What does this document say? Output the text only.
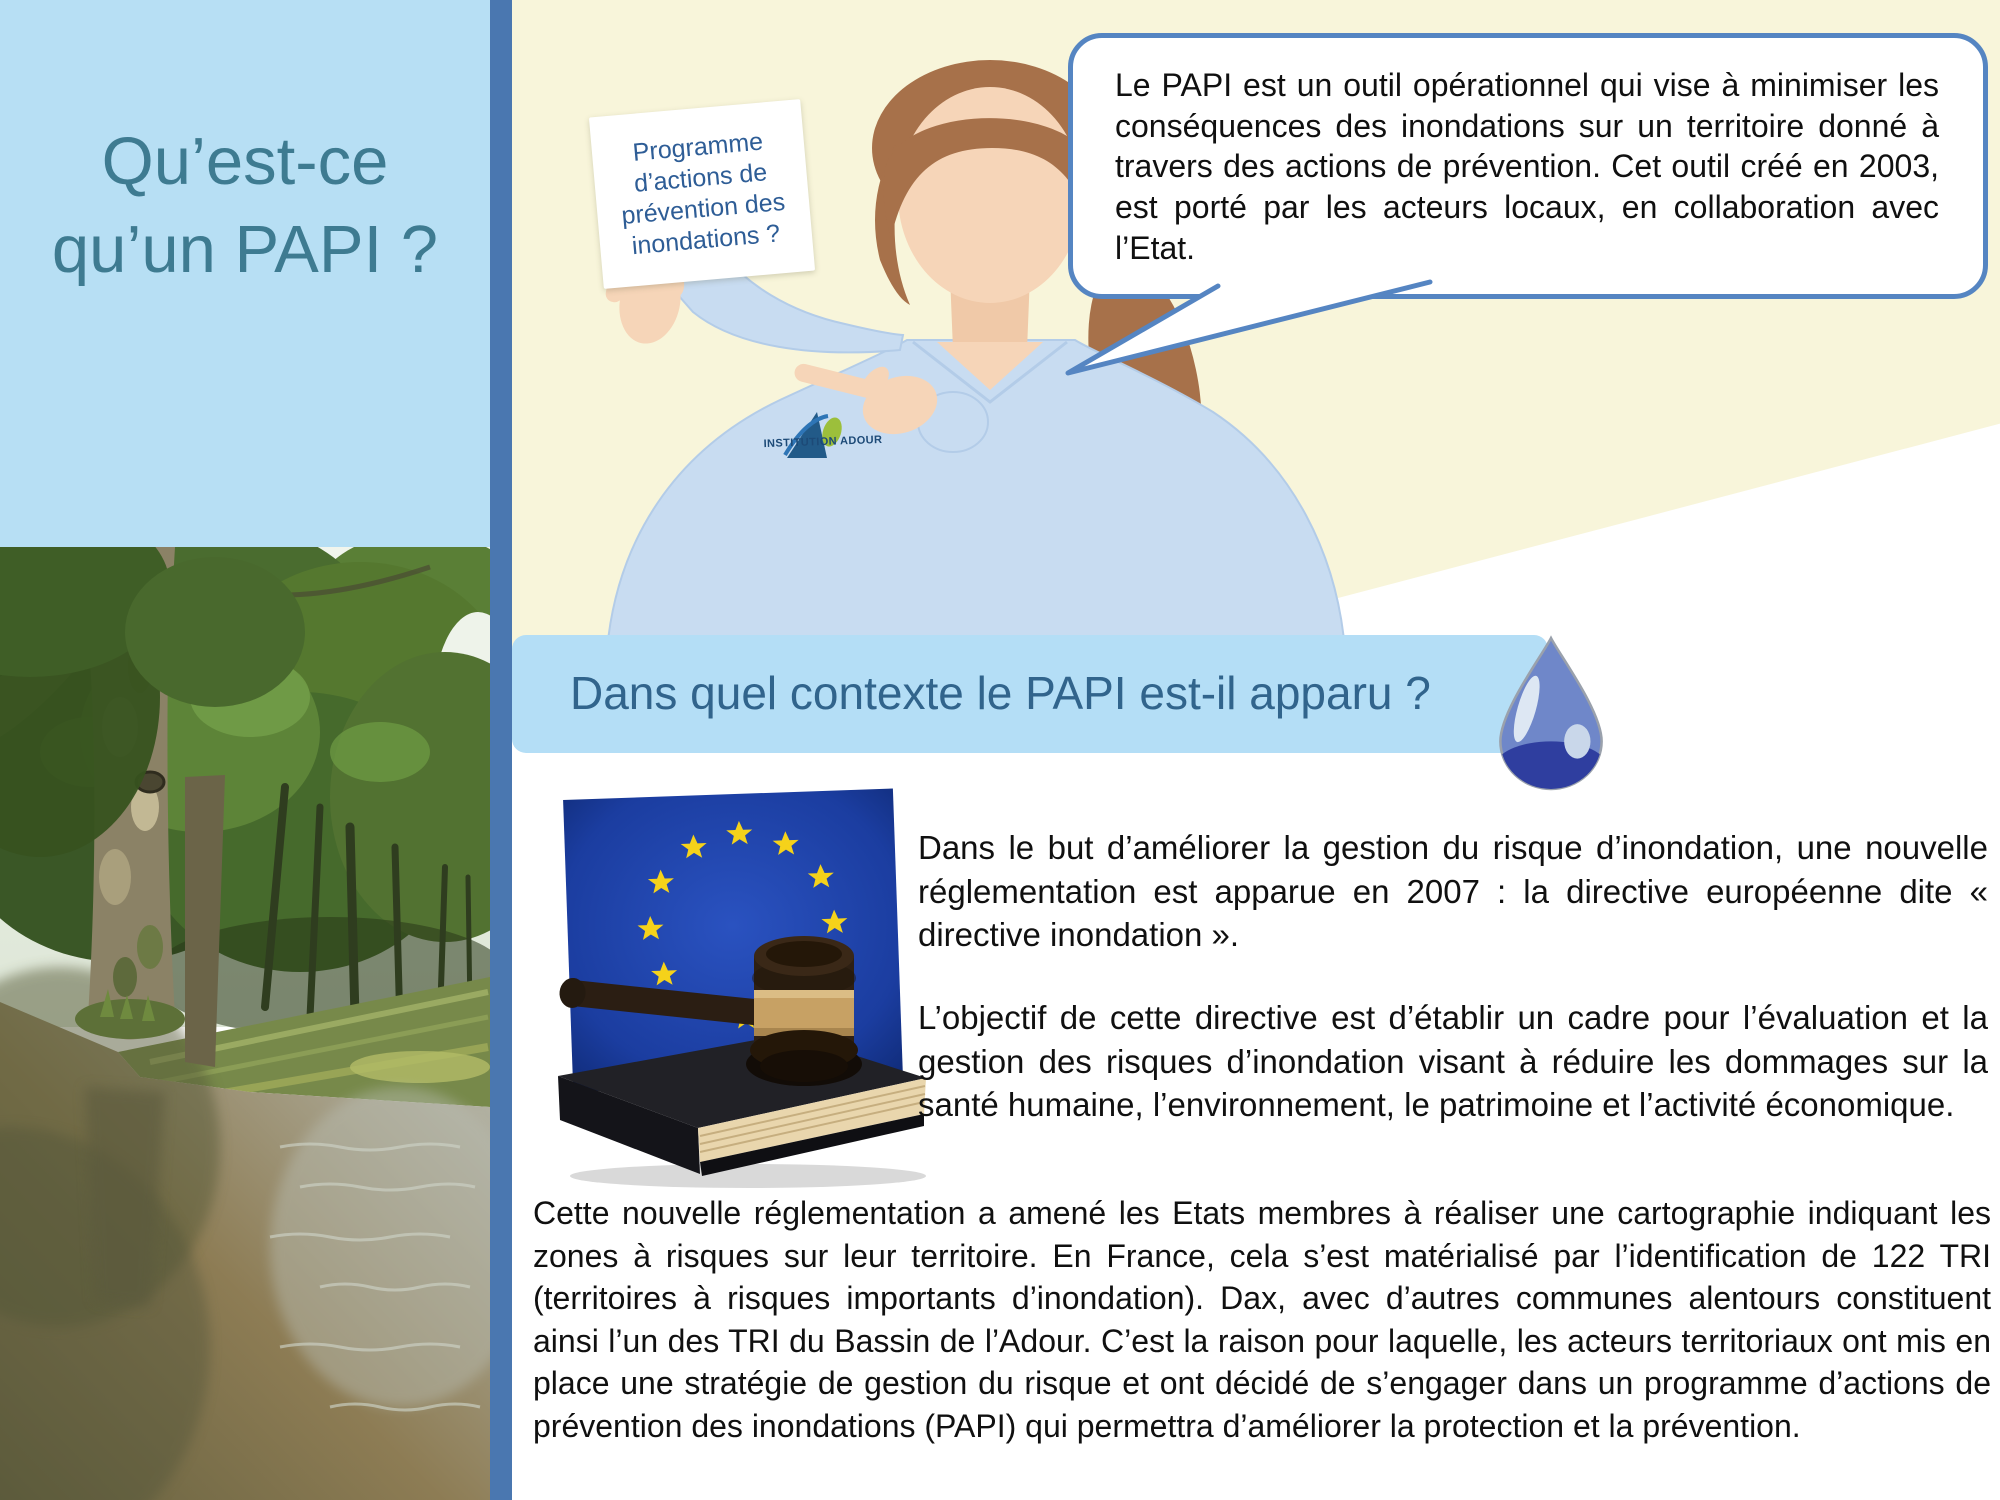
Qu’est-ce qu’un PAPI ?
INSTITUTION ADOUR
Programme d’actions de prévention des inondations ?
Le PAPI est un outil opérationnel qui vise à minimiser les conséquences des inondations sur un territoire donné à travers des actions de prévention. Cet outil créé en 2003, est porté par les acteurs locaux, en collaboration avec l’Etat.
Dans quel contexte le PAPI est-il apparu ?
Dans le but d’améliorer la gestion du risque d’inondation, une nouvelle réglementation est apparue en 2007 : la directive européenne dite « directive inondation ».
L’objectif de cette directive est d’établir un cadre pour l’évaluation et la gestion des risques d’inondation visant à réduire les dommages sur la santé humaine, l’environnement, le patrimoine et l’activité économique.
Cette nouvelle réglementation a amené les Etats membres à réaliser une cartographie indiquant les zones à risques sur leur territoire. En France, cela s’est matérialisé par l’identification de 122 TRI (territoires à risques importants d’inondation). Dax, avec d’autres communes alentours constituent ainsi l’un des TRI du Bassin de l’Adour. C’est la raison pour laquelle, les acteurs territoriaux ont mis en place une stratégie de gestion du risque et ont décidé de s’engager dans un programme d’actions de prévention des inondations (PAPI) qui permettra d’améliorer la protection et la prévention.
